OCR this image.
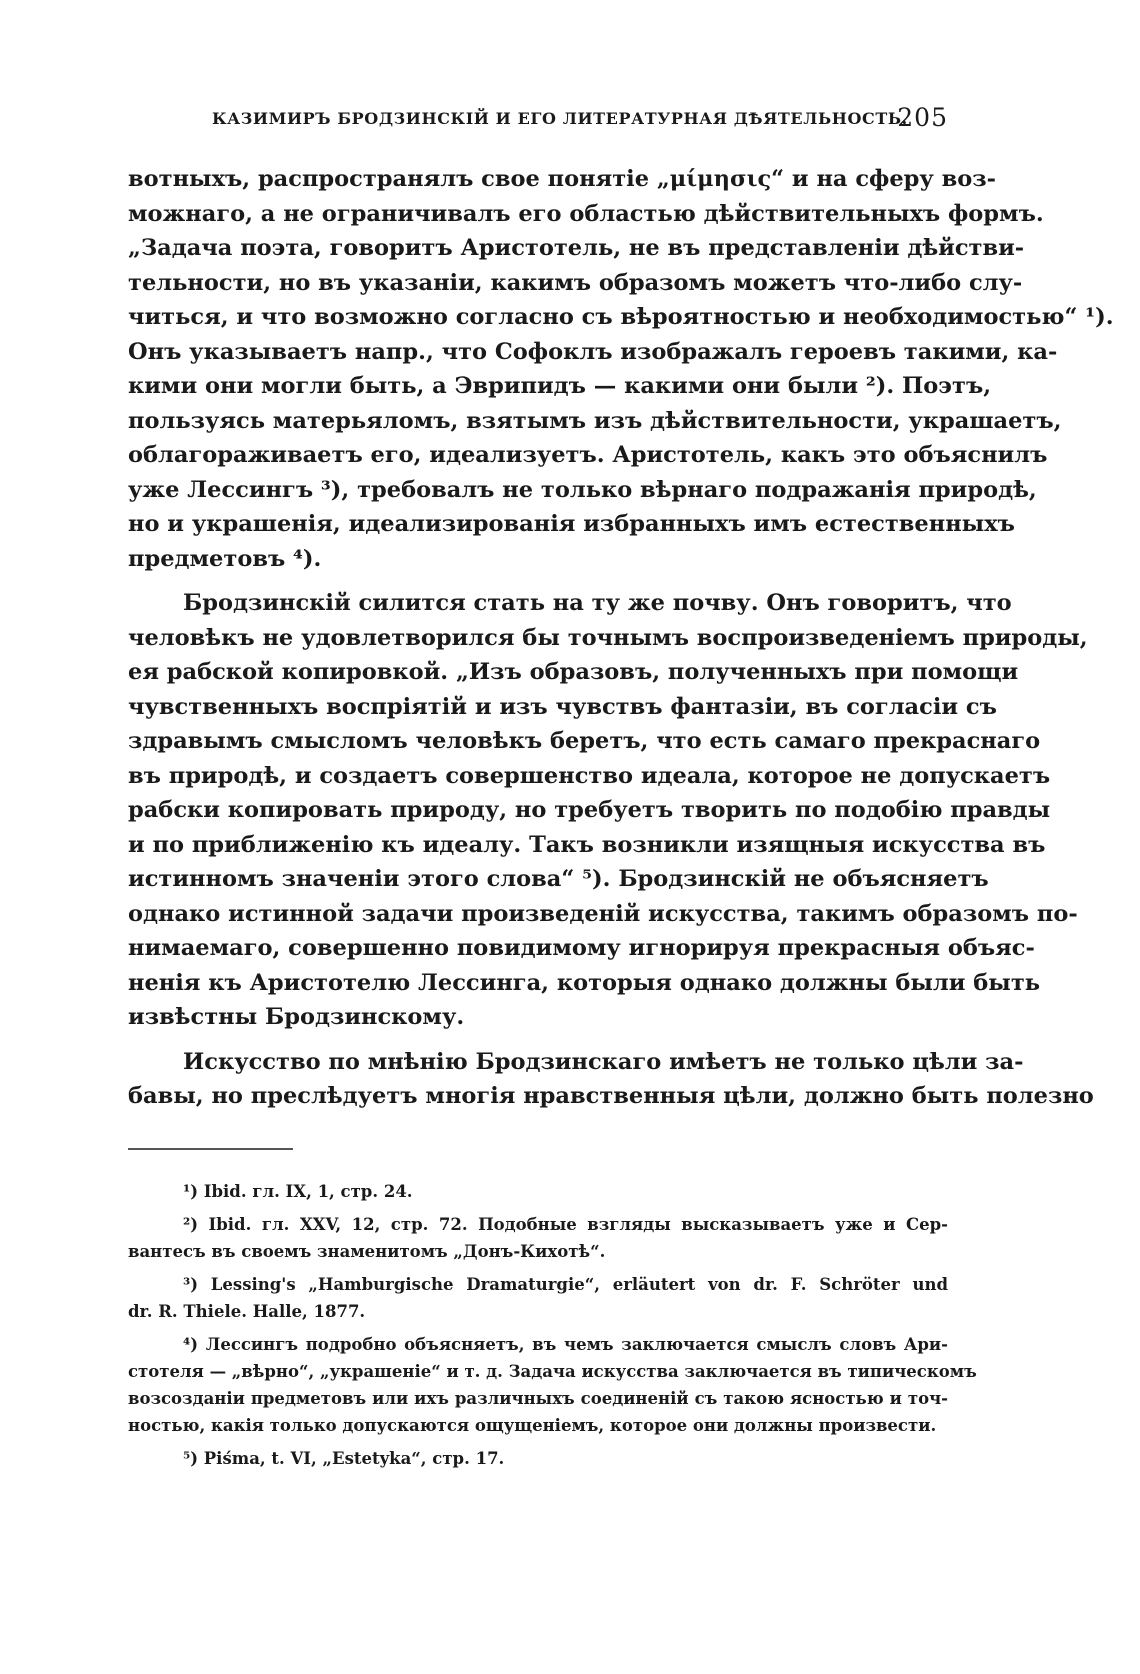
КАЗИМИРЪ БРОДЗИНСКІЙ И ЕГО ЛИТЕРАТУРНАЯ ДѢЯТЕЛЬНОСТЬ.
205
вотныхъ, распространялъ свое понятіе „μίμησις“ и на сферу воз-
можнаго, а не ограничивалъ его областью дѣйствительныхъ формъ.
„Задача поэта, говоритъ Аристотель, не въ представленіи дѣйстви-
тельности, но въ указаніи, какимъ образомъ можетъ что-либо слу-
читься, и что возможно согласно съ вѣроятностью и необходимостью“ ¹).
Онъ указываетъ напр., что Софоклъ изображалъ героевъ такими, ка-
кими они могли быть, а Эврипидъ — какими они были ²). Поэтъ,
пользуясь матерьяломъ, взятымъ изъ дѣйствительности, украшаетъ,
облагораживаетъ его, идеализуетъ. Аристотель, какъ это объяснилъ
уже Лессингъ ³), требовалъ не только вѣрнаго подражанія природѣ,
но и украшенія, идеализированія избранныхъ имъ естественныхъ
предметовъ ⁴).
Бродзинскій силится стать на ту же почву. Онъ говоритъ, что
человѣкъ не удовлетворился бы точнымъ воспроизведеніемъ природы,
ея рабской копировкой. „Изъ образовъ, полученныхъ при помощи
чувственныхъ воспріятій и изъ чувствъ фантазіи, въ согласіи съ
здравымъ смысломъ человѣкъ беретъ, что есть самаго прекраснаго
въ природѣ, и создаетъ совершенство идеала, которое не допускаетъ
рабски копировать природу, но требуетъ творить по подобію правды
и по приближенію къ идеалу. Такъ возникли изящныя искусства въ
истинномъ значеніи этого слова“ ⁵). Бродзинскій не объясняетъ
однако истинной задачи произведеній искусства, такимъ образомъ по-
нимаемаго, совершенно повидимому игнорируя прекрасныя объяс-
ненія къ Аристотелю Лессинга, которыя однако должны были быть
извѣстны Бродзинскому.
Искусство по мнѣнію Бродзинскаго имѣетъ не только цѣли за-
бавы, но преслѣдуетъ многія нравственныя цѣли, должно быть полезно
¹) Ibid. гл. IX, 1, стр. 24.
²) Ibid. гл. XXV, 12, стр. 72. Подобные взгляды высказываетъ уже и Сер-
вантесъ въ своемъ знаменитомъ „Донъ-Кихотѣ“.
³) Lessing's „Hamburgische Dramaturgie“, erläutert von dr. F. Schröter und
dr. R. Thiele. Halle, 1877.
⁴) Лессингъ подробно объясняетъ, въ чемъ заключается смыслъ словъ Ари-
стотеля — „вѣрно“, „украшеніе“ и т. д. Задача искусства заключается въ типическомъ
возсозданіи предметовъ или ихъ различныхъ соединеній съ такою ясностью и точ-
ностью, какія только допускаются ощущеніемъ, которое они должны произвести.
⁵) Piśma, t. VI, „Estetyka“, стр. 17.
